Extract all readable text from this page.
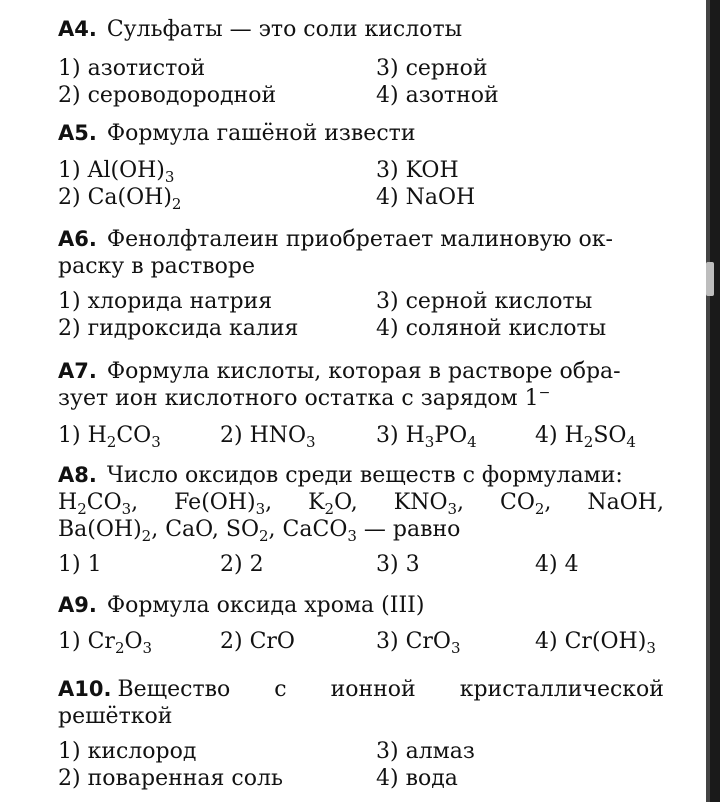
А4. Сульфаты — это соли кислоты
1) азотистой	3) серной
2) сероводородной	4) азотной
А5. Формула гашёной извести
1) $Al(OH)_3$	3) KOH
2) $Ca(OH)_2$	4) NaOH
А6. Фенолфталеин приобретает малиновую ок-
раску в растворе
1) хлорида натрия	3) серной кислоты
2) гидроксида калия	4) соляной кислоты
А7. Формула кислоты, которая в растворе обра-
зует ион кислотного остатка с зарядом 1−
1) $H_2CO_3$	2) $HNO_3$	3) $H_3PO_4$	4) $H_2SO_4$
А8. Число оксидов среди веществ с формулами:
$H_2CO_3$, $Fe(OH)_3$, $K_2O$, $KNO_3$, $CO_2$, NaOH,
$Ba(OH)_2$, CaO, $SO_2$, CaCO$_3$ — равно
1) 1	2) 2	3) 3	4) 4
А9. Формула оксида хрома (III)
1) $Cr_2O_3$	2) CrO	3) CrO$_3$	4) $Cr(OH)_3$
А10. Вещество с ионной кристаллической
решёткой
1) кислород	3) алмаз
2) поваренная соль	4) вода
